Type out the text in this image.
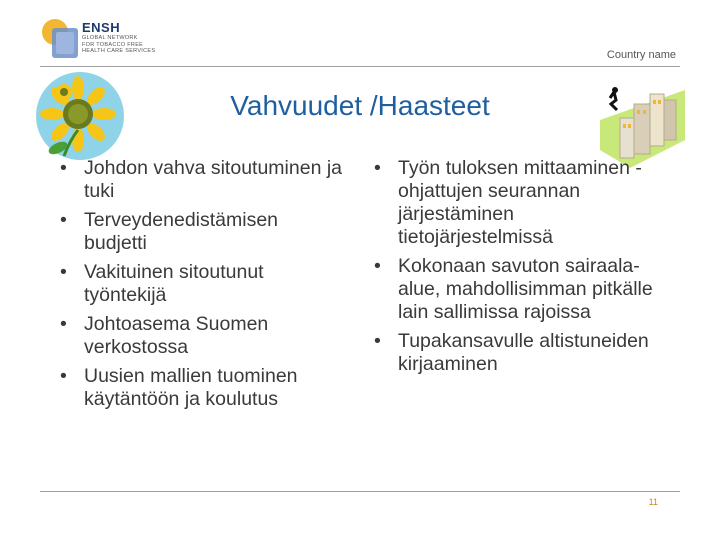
ENSH
GLOBAL NETWORK
FOR TOBACCO FREE
HEALTH CARE SERVICES	Country name
Vahvuudet /Haasteet
• Johdon vahva sitoutuminen ja tuki
• Terveydenedistämisen budjetti
• Vakituinen sitoutunut työntekijä
• Johtoasema Suomen verkostossa
• Uusien mallien tuominen käytäntöön ja koulutus
• Työn tuloksen mittaaminen - ohjattujen seurannan järjestäminen tietojärjestelmissä
• Kokonaan savuton sairaala-alue, mahdollisimman pitkälle lain sallimissa rajoissa
• Tupakansavulle altistuneiden kirjaaminen
11
